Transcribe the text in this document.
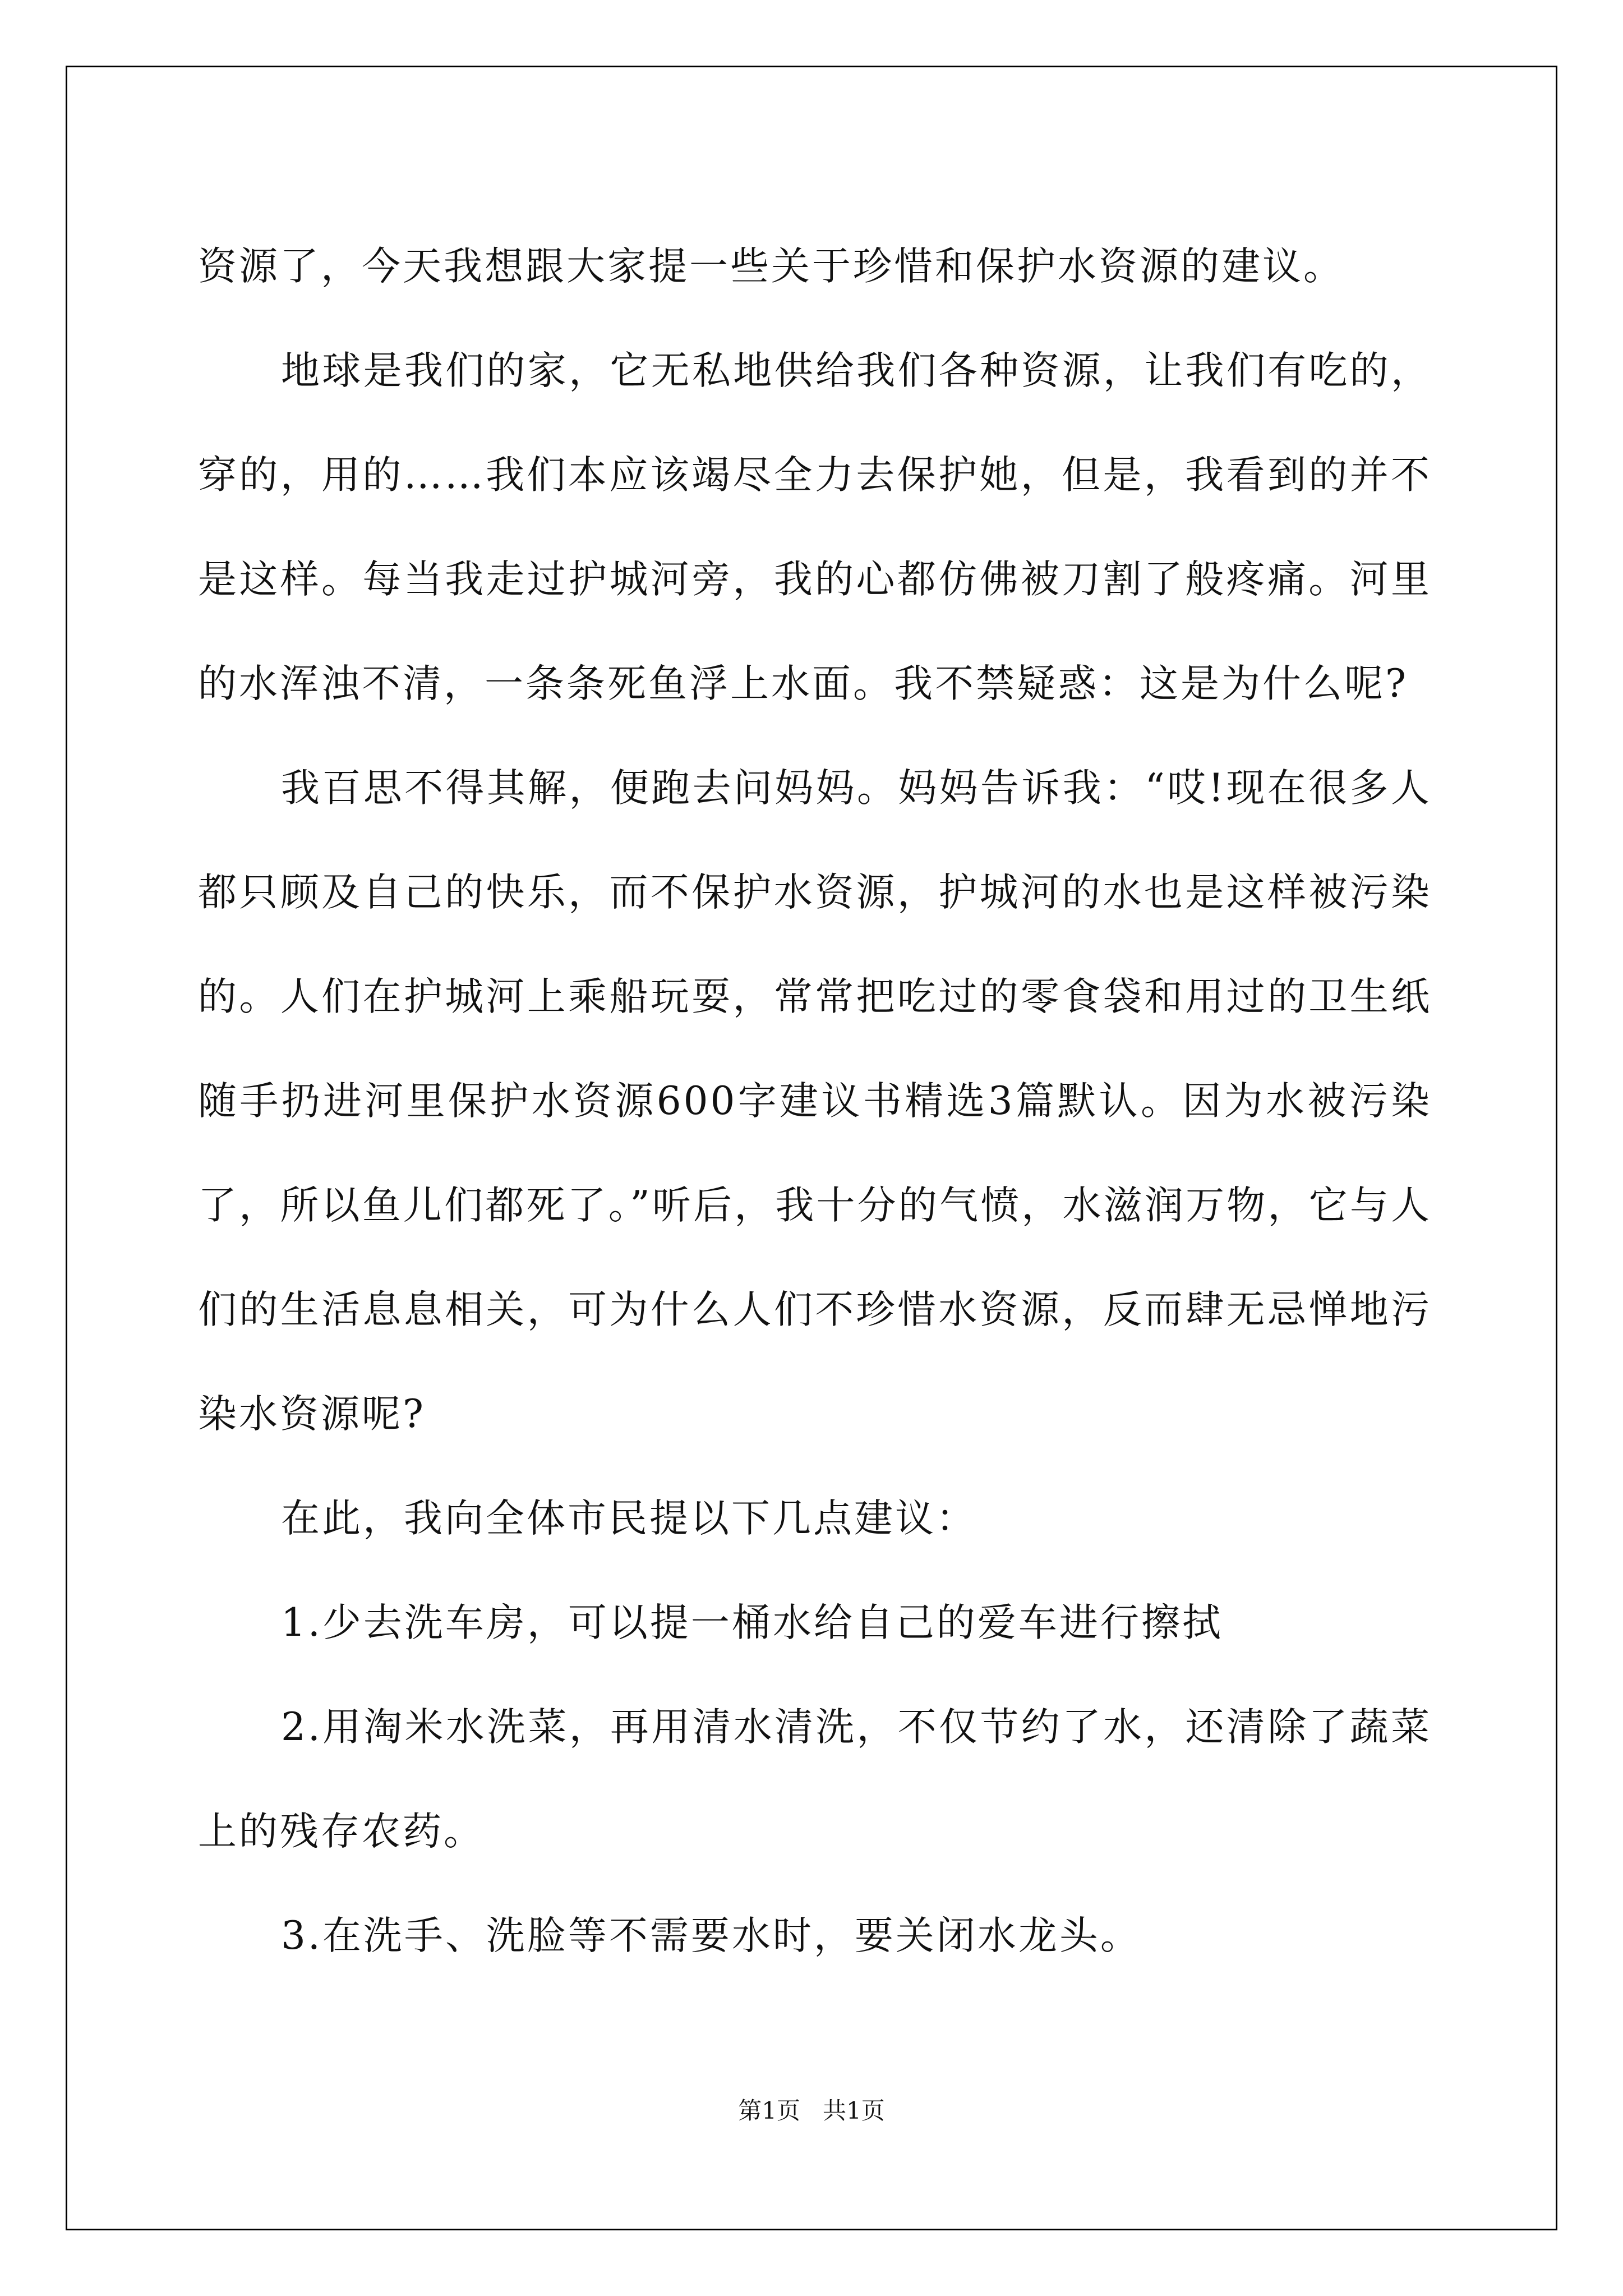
资源了，今天我想跟大家提一些关于珍惜和保护水资源的建议。

地球是我们的家，它无私地供给我们各种资源，让我们有吃的，穿的，用的……我们本应该竭尽全力去保护她，但是，我看到的并不是这样。每当我走过护城河旁，我的心都仿佛被刀割了般疼痛。河里的水浑浊不清，一条条死鱼浮上水面。我不禁疑惑：这是为什么呢?

我百思不得其解，便跑去问妈妈。妈妈告诉我：“哎!现在很多人都只顾及自己的快乐，而不保护水资源，护城河的水也是这样被污染的。人们在护城河上乘船玩耍，常常把吃过的零食袋和用过的卫生纸随手扔进河里保护水资源600字建议书精选3篇默认。因为水被污染了，所以鱼儿们都死了。”听后，我十分的气愤，水滋润万物，它与人们的生活息息相关，可为什么人们不珍惜水资源，反而肆无忌惮地污染水资源呢?

在此，我向全体市民提以下几点建议：

1.少去洗车房，可以提一桶水给自己的爱车进行擦拭

2.用淘米水洗菜，再用清水清洗，不仅节约了水，还清除了蔬菜上的残存农药。

3.在洗手、洗脸等不需要水时，要关闭水龙头。

第1页 共1页
